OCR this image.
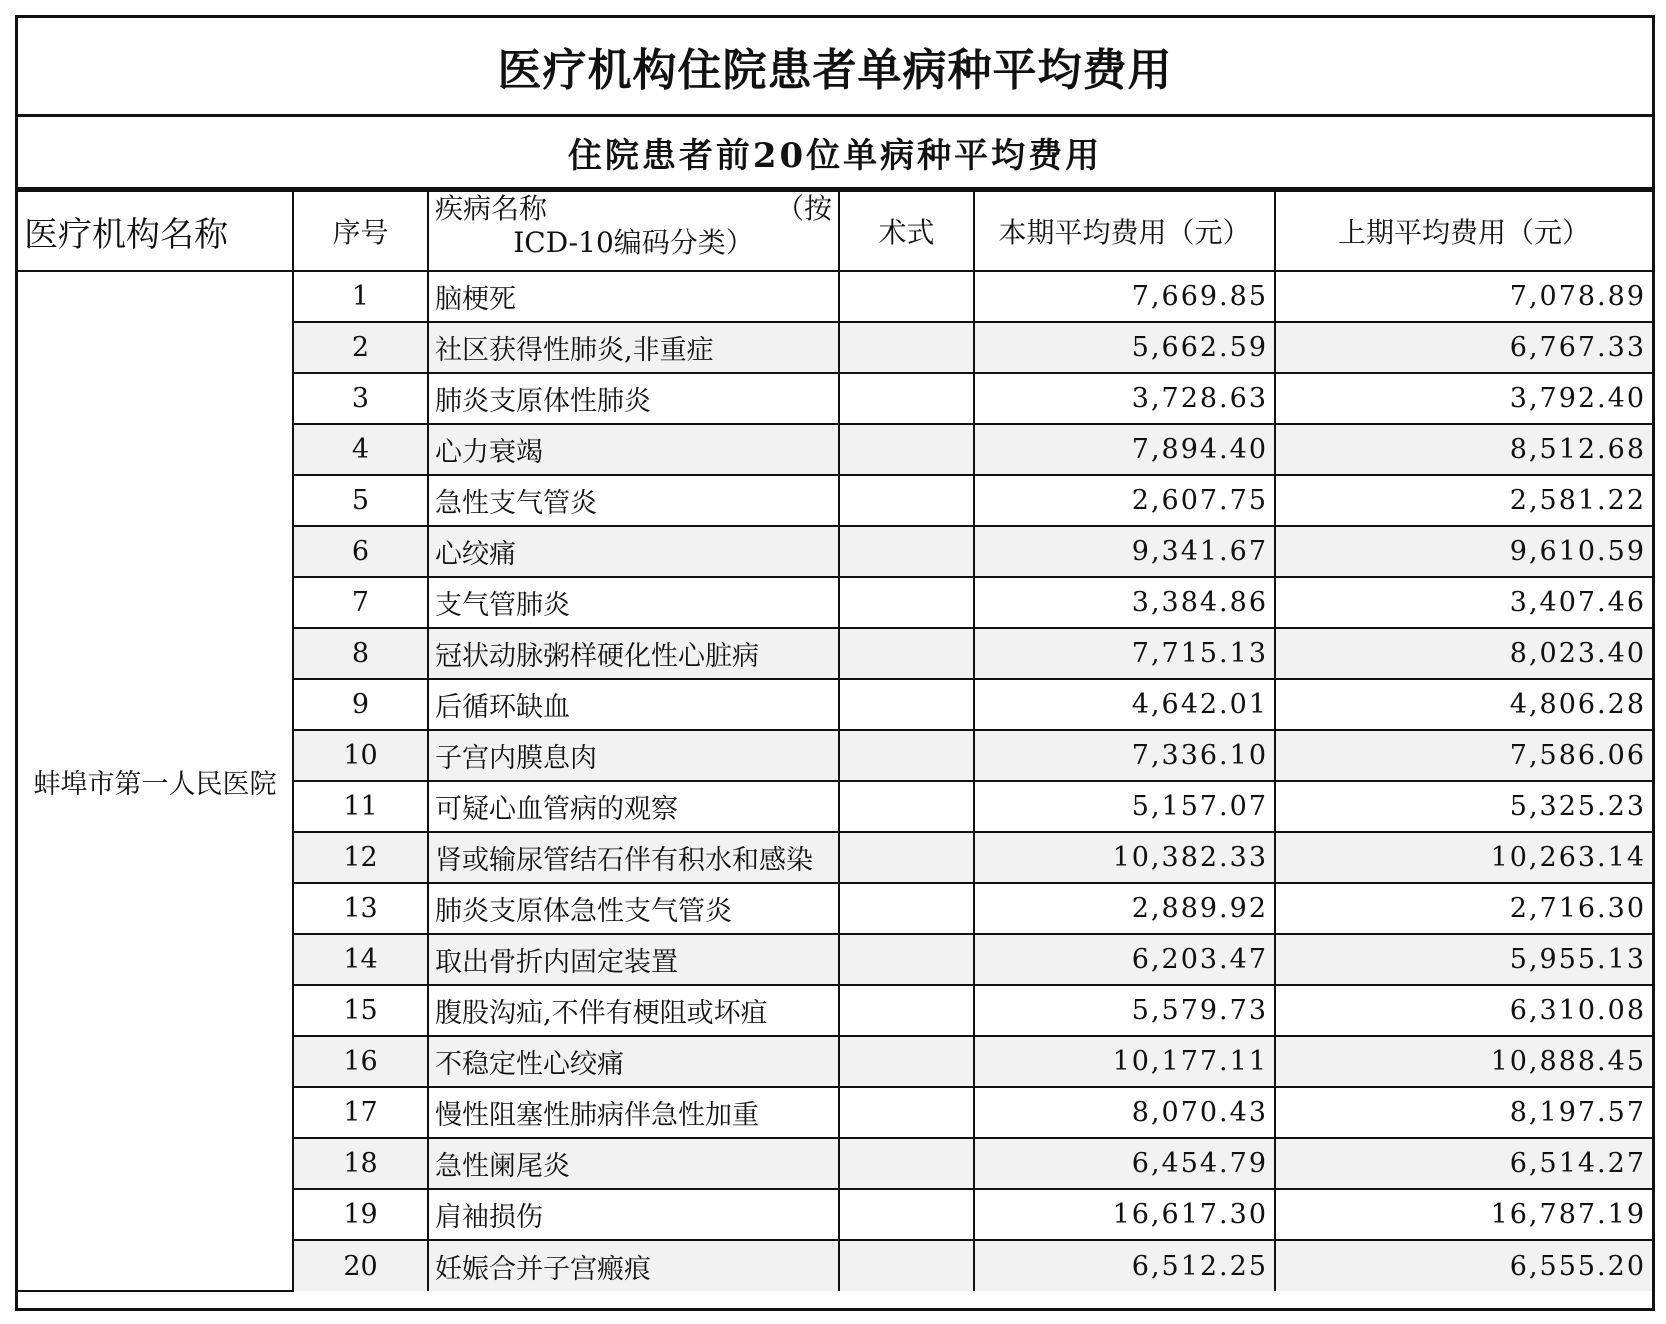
医疗机构住院患者单病种平均费用
住院患者前20位单病种平均费用
医疗机构名称	序号	疾病名称 （按
ICD-10编码分类）	术式	本期平均费用（元）	上期平均费用（元）
蚌埠市第一人民医院	1	脑梗死		7,669.85	7,078.89
	2	社区获得性肺炎,非重症		5,662.59	6,767.33
	3	肺炎支原体性肺炎		3,728.63	3,792.40
	4	心力衰竭		7,894.40	8,512.68
	5	急性支气管炎		2,607.75	2,581.22
	6	心绞痛		9,341.67	9,610.59
	7	支气管肺炎		3,384.86	3,407.46
	8	冠状动脉粥样硬化性心脏病		7,715.13	8,023.40
	9	后循环缺血		4,642.01	4,806.28
	10	子宫内膜息肉		7,336.10	7,586.06
	11	可疑心血管病的观察		5,157.07	5,325.23
	12	肾或输尿管结石伴有积水和感染		10,382.33	10,263.14
	13	肺炎支原体急性支气管炎		2,889.92	2,716.30
	14	取出骨折内固定装置		6,203.47	5,955.13
	15	腹股沟疝,不伴有梗阻或坏疽		5,579.73	6,310.08
	16	不稳定性心绞痛		10,177.11	10,888.45
	17	慢性阻塞性肺病伴急性加重		8,070.43	8,197.57
	18	急性阑尾炎		6,454.79	6,514.27
	19	肩袖损伤		16,617.30	16,787.19
	20	妊娠合并子宫瘢痕		6,512.25	6,555.20
